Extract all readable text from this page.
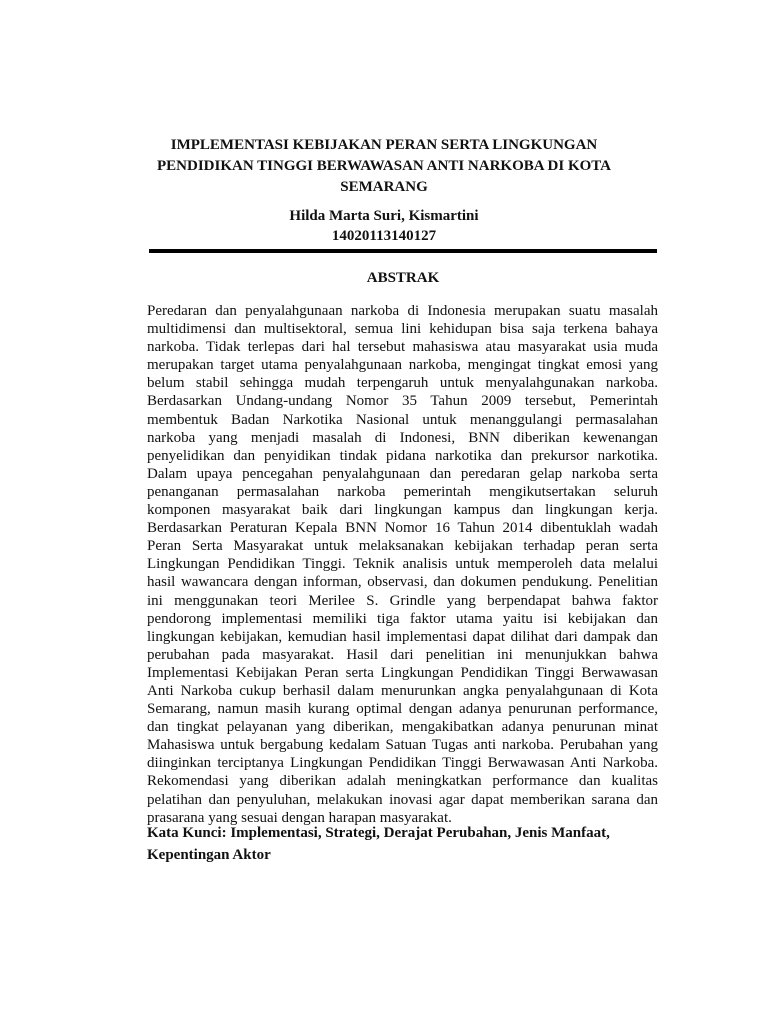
IMPLEMENTASI KEBIJAKAN PERAN SERTA LINGKUNGAN
PENDIDIKAN TINGGI BERWAWASAN ANTI NARKOBA DI KOTA
SEMARANG
Hilda Marta Suri, Kismartini
14020113140127
ABSTRAK
Peredaran dan penyalahgunaan narkoba di Indonesia merupakan suatu masalah
multidimensi dan multisektoral, semua lini kehidupan bisa saja terkena bahaya
narkoba. Tidak terlepas dari hal tersebut mahasiswa atau masyarakat usia muda
merupakan target utama penyalahgunaan narkoba, mengingat tingkat emosi yang
belum stabil sehingga mudah terpengaruh untuk menyalahgunakan narkoba.
Berdasarkan Undang-undang Nomor 35 Tahun 2009 tersebut, Pemerintah
membentuk Badan Narkotika Nasional untuk menanggulangi permasalahan
narkoba yang menjadi masalah di Indonesi, BNN diberikan kewenangan
penyelidikan dan penyidikan tindak pidana narkotika dan prekursor narkotika.
Dalam upaya pencegahan penyalahgunaan dan peredaran gelap narkoba serta
penanganan permasalahan narkoba pemerintah mengikutsertakan seluruh
komponen masyarakat baik dari lingkungan kampus dan lingkungan kerja.
Berdasarkan Peraturan Kepala BNN Nomor 16 Tahun 2014 dibentuklah wadah
Peran Serta Masyarakat untuk melaksanakan kebijakan terhadap peran serta
Lingkungan Pendidikan Tinggi. Teknik analisis untuk memperoleh data melalui
hasil wawancara dengan informan, observasi, dan dokumen pendukung. Penelitian
ini menggunakan teori Merilee S. Grindle yang berpendapat bahwa faktor
pendorong implementasi memiliki tiga faktor utama yaitu isi kebijakan dan
lingkungan kebijakan, kemudian hasil implementasi dapat dilihat dari dampak dan
perubahan pada masyarakat. Hasil dari penelitian ini menunjukkan bahwa
Implementasi Kebijakan Peran serta Lingkungan Pendidikan Tinggi Berwawasan
Anti Narkoba cukup berhasil dalam menurunkan angka penyalahgunaan di Kota
Semarang, namun masih kurang optimal dengan adanya penurunan performance,
dan tingkat pelayanan yang diberikan, mengakibatkan adanya penurunan minat
Mahasiswa untuk bergabung kedalam Satuan Tugas anti narkoba. Perubahan yang
diinginkan terciptanya Lingkungan Pendidikan Tinggi Berwawasan Anti Narkoba.
Rekomendasi yang diberikan adalah meningkatkan performance dan kualitas
pelatihan dan penyuluhan, melakukan inovasi agar dapat memberikan sarana dan
prasarana yang sesuai dengan harapan masyarakat.
Kata Kunci: Implementasi, Strategi, Derajat Perubahan, Jenis Manfaat,
Kepentingan Aktor
